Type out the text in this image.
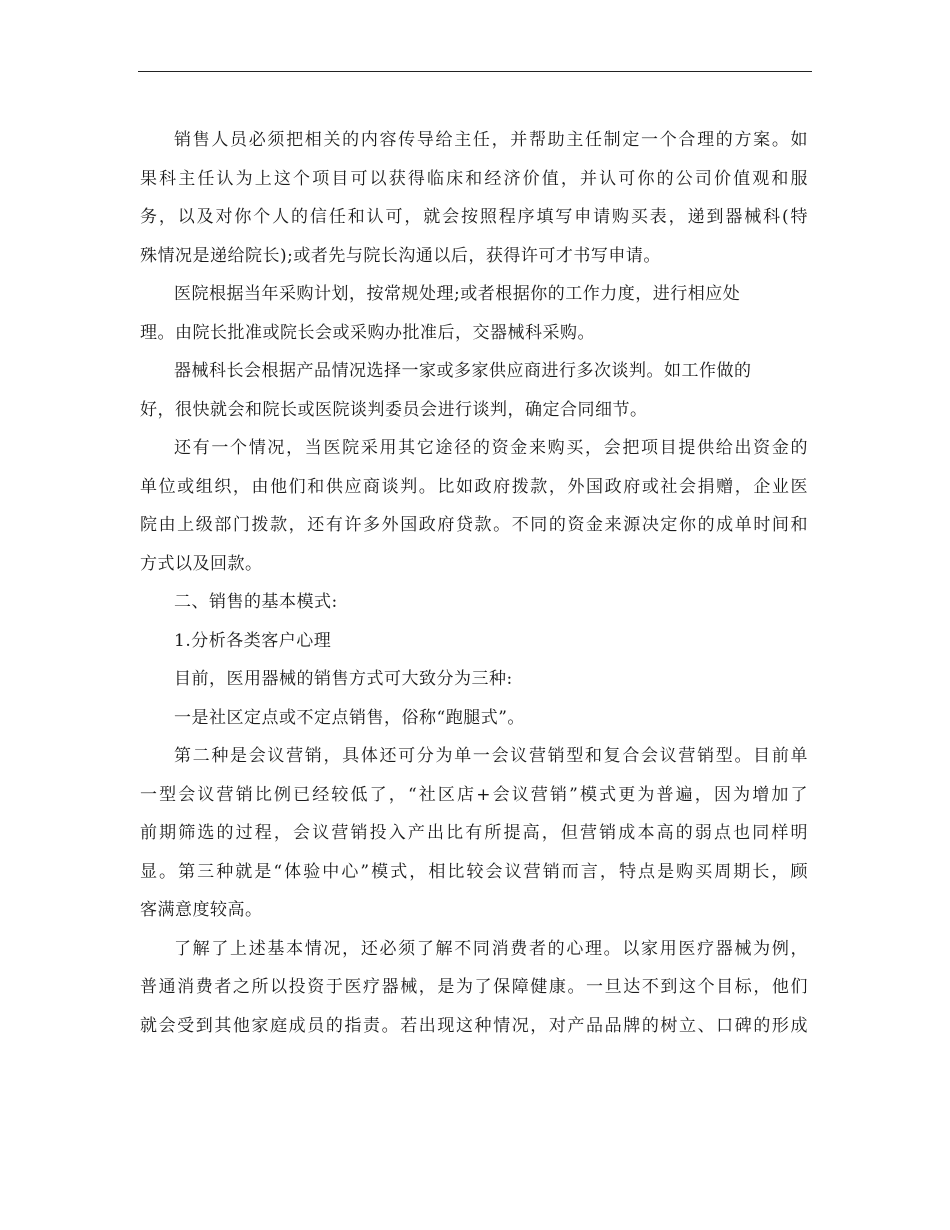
销售人员必须把相关的内容传导给主任，并帮助主任制定一个合理的方案。如
果科主任认为上这个项目可以获得临床和经济价值，并认可你的公司价值观和服
务，以及对你个人的信任和认可，就会按照程序填写申请购买表，递到器械科(特
殊情况是递给院长);或者先与院长沟通以后，获得许可才书写申请。
医院根据当年采购计划，按常规处理;或者根据你的工作力度，进行相应处
理。由院长批准或院长会或采购办批准后，交器械科采购。
器械科长会根据产品情况选择一家或多家供应商进行多次谈判。如工作做的
好，很快就会和院长或医院谈判委员会进行谈判，确定合同细节。
还有一个情况，当医院采用其它途径的资金来购买，会把项目提供给出资金的
单位或组织，由他们和供应商谈判。比如政府拨款，外国政府或社会捐赠，企业医
院由上级部门拨款，还有许多外国政府贷款。不同的资金来源决定你的成单时间和
方式以及回款。
二、销售的基本模式:
1.分析各类客户心理
目前，医用器械的销售方式可大致分为三种:
一是社区定点或不定点销售，俗称“跑腿式”。
第二种是会议营销，具体还可分为单一会议营销型和复合会议营销型。目前单
一型会议营销比例已经较低了，“社区店+会议营销”模式更为普遍，因为增加了
前期筛选的过程，会议营销投入产出比有所提高，但营销成本高的弱点也同样明
显。第三种就是“体验中心”模式，相比较会议营销而言，特点是购买周期长，顾
客满意度较高。
了解了上述基本情况，还必须了解不同消费者的心理。以家用医疗器械为例，
普通消费者之所以投资于医疗器械，是为了保障健康。一旦达不到这个目标，他们
就会受到其他家庭成员的指责。若出现这种情况，对产品品牌的树立、口碑的形成
